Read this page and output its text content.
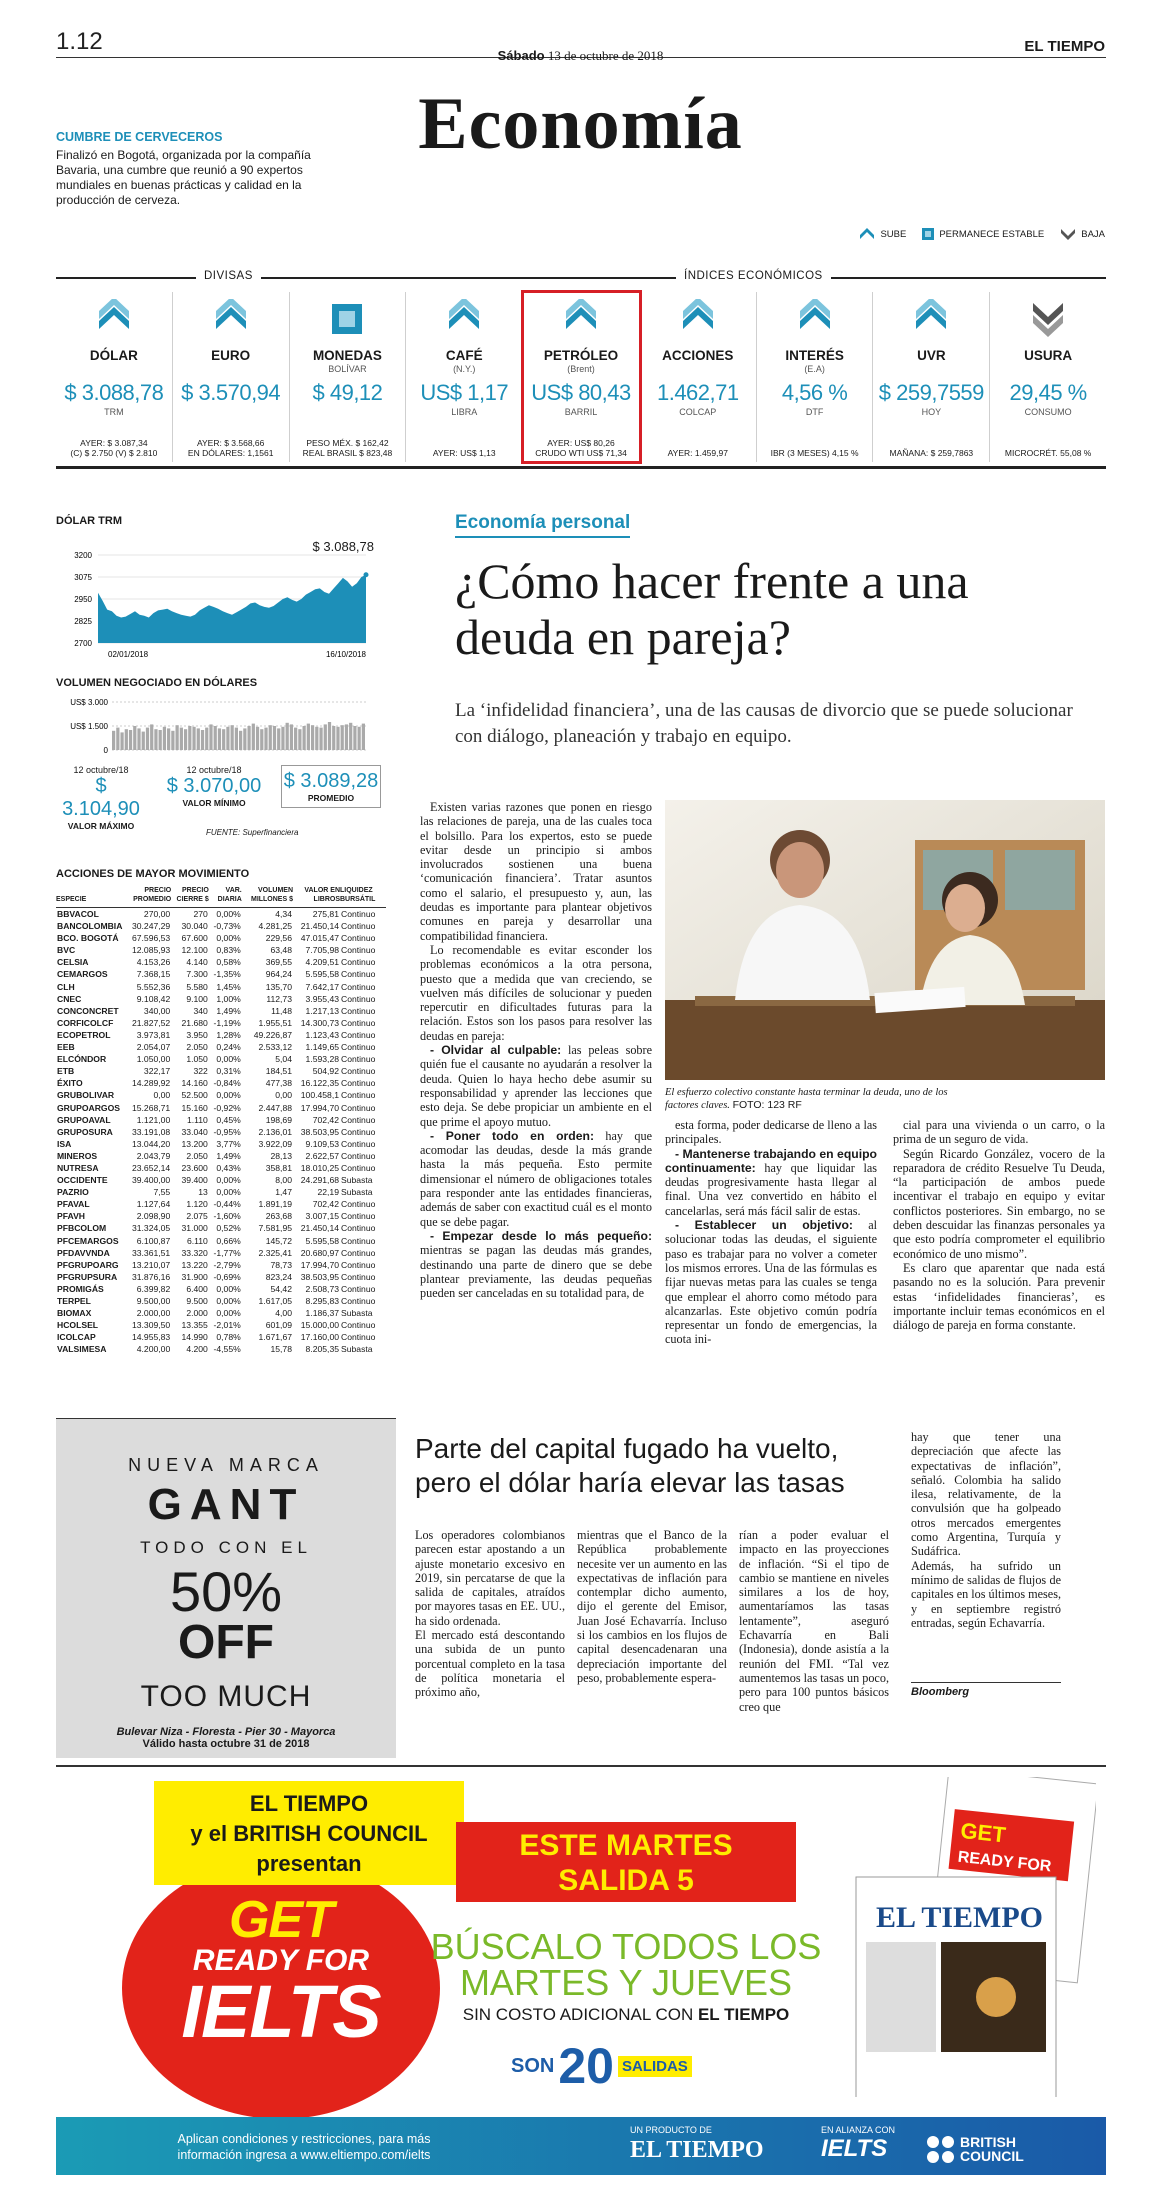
1.12
Sábado 13 de octubre de 2018
EL TIEMPO
Economía
CUMBRE DE CERVECEROS
Finalizó en Bogotá, organizada por la compañía Bavaria, una cumbre que reunió a 90 expertos mundiales en buenas prácticas y calidad en la producción de cerveza.
SUBE	PERMANECE ESTABLE	BAJA
DIVISAS	ÍNDICES ECONÓMICOS
DÓLAR
$ 3.088,78
TRM
AYER: $ 3.087,34
(C) $ 2.750 (V) $ 2.810
EURO
$ 3.570,94
AYER: $ 3.568,66
EN DÓLARES: 1,1561
MONEDAS
BOLÍVAR
$ 49,12
PESO MÉX. $ 162,42
REAL BRASIL $ 823,48
CAFÉ
(N.Y.)
US$ 1,17
LIBRA
AYER: US$ 1,13
PETRÓLEO
(Brent)
US$ 80,43
BARRIL
AYER: US$ 80,26
CRUDO WTI US$ 71,34
ACCIONES
1.462,71
COLCAP
AYER: 1.459,97
INTERÉS
(E.A)
4,56 %
DTF
IBR (3 MESES) 4,15 %
UVR
$ 259,7559
HOY
MAÑANA: $ 259,7863
USURA
29,45 %
CONSUMO
MICROCRÉT. 55,08 %
DÓLAR TRM
2700
2825
2950
3075
3200
02/01/2018	16/10/2018
$ 3.088,78
VOLUMEN NEGOCIADO EN DÓLARES
US$ 3.000
US$ 1.500
0
12 octubre/18
$ 3.104,90
VALOR MÁXIMO
12 octubre/18
$ 3.070,00
VALOR MÍNIMO
$ 3.089,28
PROMEDIO
FUENTE: Superfinanciera
ACCIONES DE MAYOR MOVIMIENTO
ESPECIE	PRECIO PROMEDIO	PRECIO CIERRE $	VAR. DIARIA	VOLUMEN MILLONES $	VALOR EN LIBROS	LIQUIDEZ BURSÁTIL
BBVACOL	270,00	270	0,00%	4,34	275,81	Continuo
BANCOLOMBIA	30.247,29	30.040	-0,73%	4.281,25	21.450,14	Continuo
BCO. BOGOTÁ	67.596,53	67.600	0,00%	229,56	47.015,47	Continuo
BVC	12.085,93	12.100	0,83%	63,48	7.705,98	Continuo
CELSIA	4.153,26	4.140	0,58%	369,55	4.209,51	Continuo
CEMARGOS	7.368,15	7.300	-1,35%	964,24	5.595,58	Continuo
CLH	5.552,36	5.580	1,45%	135,70	7.642,17	Continuo
CNEC	9.108,42	9.100	1,00%	112,73	3.955,43	Continuo
CONCONCRET	340,00	340	1,49%	11,48	1.217,13	Continuo
CORFICOLCF	21.827,52	21.680	-1,19%	1.955,51	14.300,73	Continuo
ECOPETROL	3.973,81	3.950	1,28%	49.226,87	1.123,43	Continuo
EEB	2.054,07	2.050	0,24%	2.533,12	1.149,65	Continuo
ELCÓNDOR	1.050,00	1.050	0,00%	5,04	1.593,28	Continuo
ETB	322,17	322	0,31%	184,51	504,92	Continuo
ÉXITO	14.289,92	14.160	-0,84%	477,38	16.122,35	Continuo
GRUBOLIVAR	0,00	52.500	0,00%	0,00	100.458,1	Continuo
GRUPOARGOS	15.268,71	15.160	-0,92%	2.447,88	17.994,70	Continuo
GRUPOAVAL	1.121,00	1.110	0,45%	198,69	702,42	Continuo
GRUPOSURA	33.191,08	33.040	-0,95%	2.136,01	38.503,95	Continuo
ISA	13.044,20	13.200	3,77%	3.922,09	9.109,53	Continuo
MINEROS	2.043,79	2.050	1,49%	28,13	2.622,57	Continuo
NUTRESA	23.652,14	23.600	0,43%	358,81	18.010,25	Continuo
OCCIDENTE	39.400,00	39.400	0,00%	8,00	24.291,68	Subasta
PAZRIO	7,55	13	0,00%	1,47	22,19	Subasta
PFAVAL	1.127,64	1.120	-0,44%	1.891,19	702,42	Continuo
PFAVH	2.098,90	2.075	-1,60%	263,68	3.007,15	Continuo
PFBCOLOM	31.324,05	31.000	0,52%	7.581,95	21.450,14	Continuo
PFCEMARGOS	6.100,87	6.110	0,66%	145,72	5.595,58	Continuo
PFDAVVNDA	33.361,51	33.320	-1,77%	2.325,41	20.680,97	Continuo
PFGRUPOARG	13.210,07	13.220	-2,79%	78,73	17.994,70	Continuo
PFGRUPSURA	31.876,16	31.900	-0,69%	823,24	38.503,95	Continuo
PROMIGÁS	6.399,82	6.400	0,00%	54,42	2.508,73	Continuo
TERPEL	9.500,00	9.500	0,00%	1.617,05	8.295,83	Continuo
BIOMAX	2.000,00	2.000	0,00%	4,00	1.186,37	Subasta
HCOLSEL	13.309,50	13.355	-2,01%	601,09	15.000,00	Continuo
ICOLCAP	14.955,83	14.990	0,78%	1.671,67	17.160,00	Continuo
VALSIMESA	4.200,00	4.200	-4,55%	15,78	8.205,35	Subasta
Economía personal
¿Cómo hacer frente a una deuda en pareja?
La ‘infidelidad financiera’, una de las causas de divorcio que se puede solucionar con diálogo, planeación y trabajo en equipo.
El esfuerzo colectivo constante hasta terminar la deuda, uno de los factores claves. FOTO: 123 RF

Existen varias razones que ponen en riesgo las relaciones de pareja, una de las cuales toca el bolsillo. Para los expertos, esto se puede evitar desde un principio si ambos involucrados sostienen una buena ‘comunicación financiera’. Tratar asuntos como el salario, el presupuesto y, aun, las deudas es importante para plantear objetivos comunes en pareja y desarrollar una compatibilidad financiera.

Lo recomendable es evitar esconder los problemas económicos a la otra persona, puesto que a medida que van creciendo, se vuelven más difíciles de solucionar y pueden repercutir en dificultades futuras para la relación. Estos son los pasos para resolver las deudas en pareja:

- Olvidar al culpable: las peleas sobre quién fue el causante no ayudarán a resolver la deuda. Quien lo haya hecho debe asumir su responsabilidad y aprender las lecciones que esto deja. Se debe propiciar un ambiente en el que prime el apoyo mutuo.

- Poner todo en orden: hay que acomodar las deudas, desde la más grande hasta la más pequeña. Esto permite dimensionar el número de obligaciones totales para responder ante las entidades financieras, además de saber con exactitud cuál es el monto que se debe pagar.

- Empezar desde lo más pequeño: mientras se pagan las deudas más grandes, destinando una parte de dinero que se debe plantear previamente, las deudas pequeñas pueden ser canceladas en su totalidad para, de

esta forma, poder dedicarse de lleno a las principales.

- Mantenerse trabajando en equipo continuamente: hay que liquidar las deudas progresivamente hasta llegar al final. Una vez convertido en hábito el cancelarlas, será más fácil salir de estas.

- Establecer un objetivo: al solucionar todas las deudas, el siguiente paso es trabajar para no volver a cometer los mismos errores. Una de las fórmulas es fijar nuevas metas para las cuales se tenga que emplear el ahorro como método para alcanzarlas. Este objetivo común podría representar un fondo de emergencias, la cuota ini-

cial para una vivienda o un carro, o la prima de un seguro de vida.

Según Ricardo González, vocero de la reparadora de crédito Resuelve Tu Deuda, “la participación de ambos puede incentivar el trabajo en equipo y evitar conflictos posteriores. Sin embargo, no se deben descuidar las finanzas personales ya que esto podría comprometer el equilibrio económico de uno mismo”.

Es claro que aparentar que nada está pasando no es la solución. Para prevenir estas ‘infidelidades financieras’, es importante incluir temas económicos en el diálogo de pareja en forma constante.

Parte del capital fugado ha vuelto, pero el dólar haría elevar las tasas
Los operadores colombianos parecen estar apostando a un ajuste monetario excesivo en 2019, sin percatarse de que la salida de capitales, atraídos por mayores tasas en EE. UU., ha sido ordenada.
El mercado está descontando una subida de un punto porcentual completo en la tasa de política monetaria el próximo año,
mientras que el Banco de la República probablemente necesite ver un aumento en las expectativas de inflación para contemplar dicho aumento, dijo el gerente del Emisor, Juan José Echavarría. Incluso si los cambios en los flujos de capital desencadenaran una depreciación importante del peso, probablemente espera-
rían a poder evaluar el impacto en las proyecciones de inflación. “Si el tipo de cambio se mantiene en niveles similares a los de hoy, aumentaríamos las tasas lentamente”, aseguró Echavarría en Bali (Indonesia), donde asistía a la reunión del FMI. “Tal vez aumentemos las tasas un poco, pero para 100 puntos básicos creo que
hay que tener una depreciación que afecte las expectativas de inflación”, señaló. Colombia ha salido ilesa, relativamente, de la convulsión que ha golpeado otros mercados emergentes como Argentina, Turquía y Sudáfrica.
Además, ha sufrido un mínimo de salidas de flujos de capitales en los últimos meses, y en septiembre registró entradas, según Echavarría.
Bloomberg
NUEVA MARCA
GANT
TODO CON EL
50%
OFF
TOO MUCH
Bulevar Niza - Floresta - Pier 30 - Mayorca
Válido hasta octubre 31 de 2018
GET
READY FOR
IELTS
EL TIEMPO
y el BRITISH COUNCIL
presentan
ESTE MARTES
SALIDA 5
BÚSCALO TODOS LOS
MARTES Y JUEVES
SIN COSTO ADICIONAL CON EL TIEMPO
SON 20 SALIDAS
GET
READY FOR
EL TIEMPO
Aplican condiciones y restricciones, para más información ingresa a www.eltiempo.com/ielts
UN PRODUCTO DE
EL TIEMPO
EN ALIANZA CON
IELTS	BRITISH
COUNCIL
